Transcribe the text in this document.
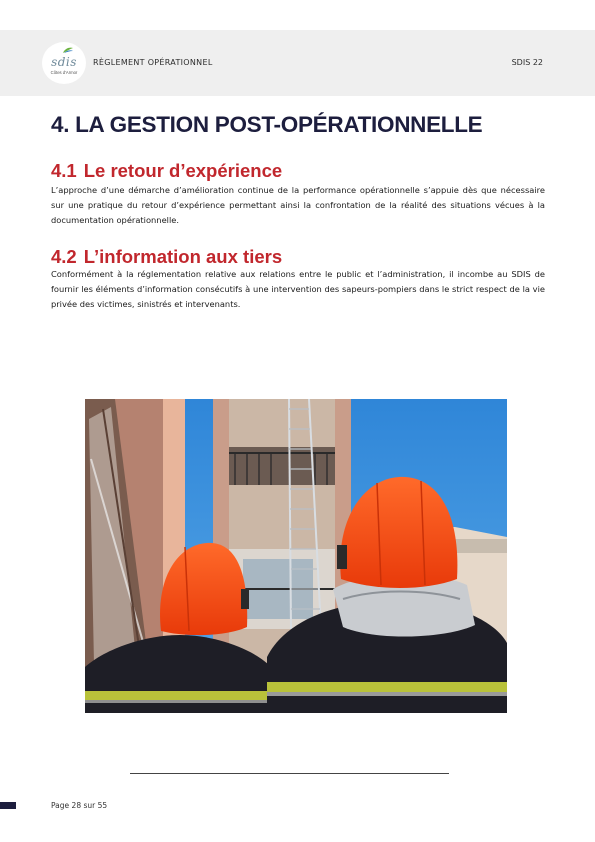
sdis
Côtes d'Armor
RÈGLEMENT OPÉRATIONNEL	SDIS 22
4. LA GESTION POST-OPÉRATIONNELLE
4.1 Le retour d’expérience

L’approche d’une démarche d’amélioration continue de la performance opérationnelle s’appuie dès que nécessaire sur une pratique du retour d’expérience permettant ainsi la confrontation de la réalité des situations vécues à la documentation opérationnelle.

4.2 L’information aux tiers

Conformément à la réglementation relative aux relations entre le public et l’administration, il incombe au SDIS de fournir les éléments d’information consécutifs à une intervention des sapeurs-pompiers dans le strict respect de la vie privée des victimes, sinistrés et intervenants.

Page 28 sur 55
